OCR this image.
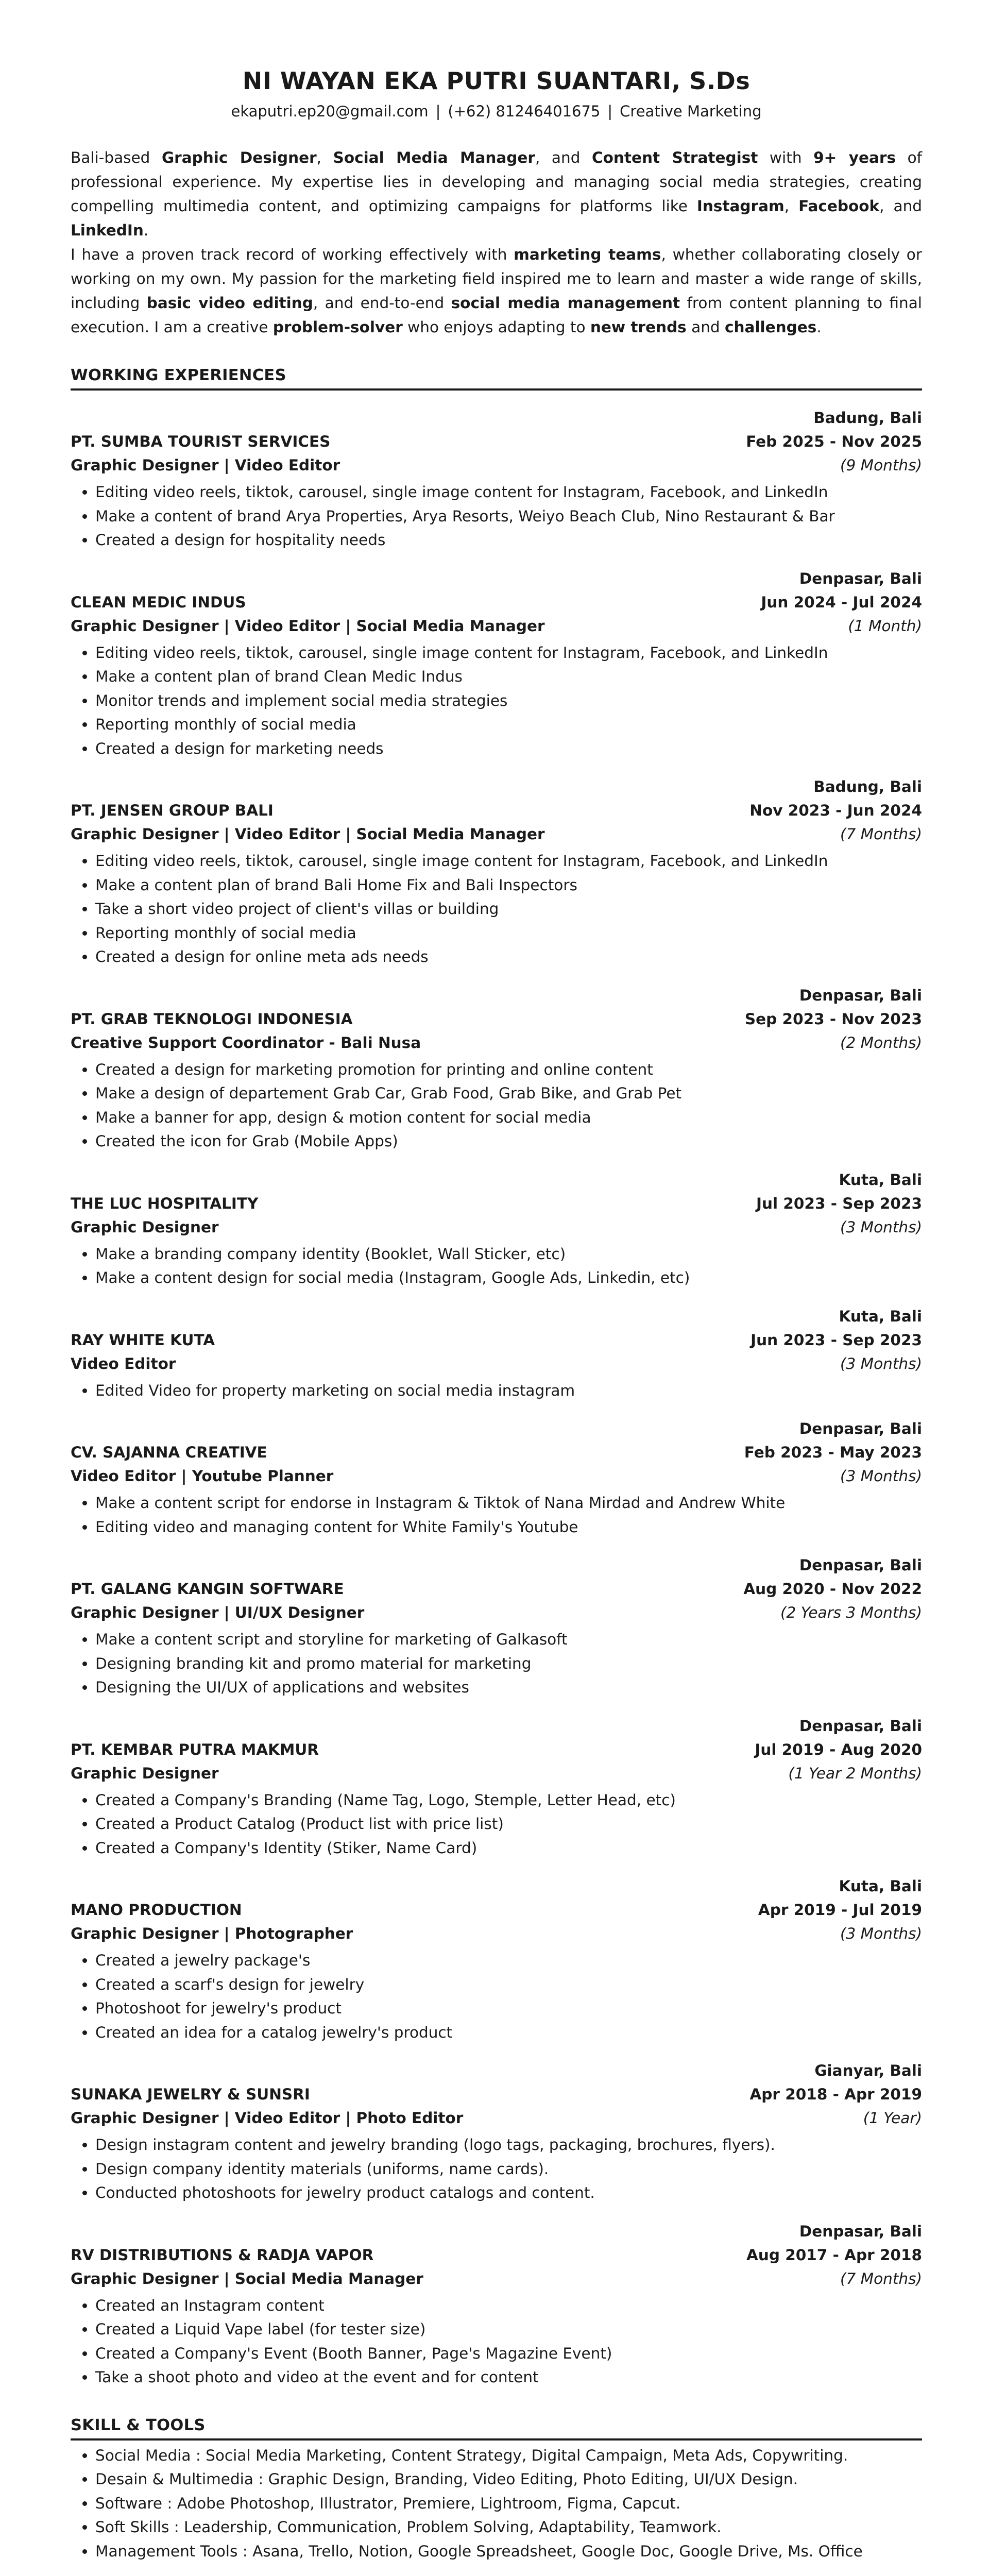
NI WAYAN EKA PUTRI SUANTARI, S.Ds
ekaputri.ep20@gmail.com | (+62) 81246401675 | Creative Marketing

Bali-based Graphic Designer, Social Media Manager, and Content Strategist with 9+ years of professional experience. My expertise lies in developing and managing social media strategies, creating compelling multimedia content, and optimizing campaigns for platforms like Instagram, Facebook, and LinkedIn.

I have a proven track record of working effectively with marketing teams, whether collaborating closely or working on my own. My passion for the marketing field inspired me to learn and master a wide range of skills, including basic video editing, and end-to-end social media management from content planning to final execution. I am a creative problem-solver who enjoys adapting to new trends and challenges.

WORKING EXPERIENCES
Badung, Bali
PT. SUMBA TOURIST SERVICES	Feb 2025 - Nov 2025
Graphic Designer | Video Editor	(9 Months)
• Editing video reels, tiktok, carousel, single image content for Instagram, Facebook, and LinkedIn
• Make a content of brand Arya Properties, Arya Resorts, Weiyo Beach Club, Nino Restaurant & Bar
• Created a design for hospitality needs
Denpasar, Bali
CLEAN MEDIC INDUS	Jun 2024 - Jul 2024
Graphic Designer | Video Editor | Social Media Manager	(1 Month)
• Editing video reels, tiktok, carousel, single image content for Instagram, Facebook, and LinkedIn
• Make a content plan of brand Clean Medic Indus
• Monitor trends and implement social media strategies
• Reporting monthly of social media
• Created a design for marketing needs
Badung, Bali
PT. JENSEN GROUP BALI	Nov 2023 - Jun 2024
Graphic Designer | Video Editor | Social Media Manager	(7 Months)
• Editing video reels, tiktok, carousel, single image content for Instagram, Facebook, and LinkedIn
• Make a content plan of brand Bali Home Fix and Bali Inspectors
• Take a short video project of client's villas or building
• Reporting monthly of social media
• Created a design for online meta ads needs
Denpasar, Bali
PT. GRAB TEKNOLOGI INDONESIA	Sep 2023 - Nov 2023
Creative Support Coordinator - Bali Nusa	(2 Months)
• Created a design for marketing promotion for printing and online content
• Make a design of departement Grab Car, Grab Food, Grab Bike, and Grab Pet
• Make a banner for app, design & motion content for social media
• Created the icon for Grab (Mobile Apps)
Kuta, Bali
THE LUC HOSPITALITY	Jul 2023 - Sep 2023
Graphic Designer	(3 Months)
• Make a branding company identity (Booklet, Wall Sticker, etc)
• Make a content design for social media (Instagram, Google Ads, Linkedin, etc)
Kuta, Bali
RAY WHITE KUTA	Jun 2023 - Sep 2023
Video Editor	(3 Months)
• Edited Video for property marketing on social media instagram
Denpasar, Bali
CV. SAJANNA CREATIVE	Feb 2023 - May 2023
Video Editor | Youtube Planner	(3 Months)
• Make a content script for endorse in Instagram & Tiktok of Nana Mirdad and Andrew White
• Editing video and managing content for White Family's Youtube
Denpasar, Bali
PT. GALANG KANGIN SOFTWARE	Aug 2020 - Nov 2022
Graphic Designer | UI/UX Designer	(2 Years 3 Months)
• Make a content script and storyline for marketing of Galkasoft
• Designing branding kit and promo material for marketing
• Designing the UI/UX of applications and websites
Denpasar, Bali
PT. KEMBAR PUTRA MAKMUR	Jul 2019 - Aug 2020
Graphic Designer	(1 Year 2 Months)
• Created a Company's Branding (Name Tag, Logo, Stemple, Letter Head, etc)
• Created a Product Catalog (Product list with price list)
• Created a Company's Identity (Stiker, Name Card)
Kuta, Bali
MANO PRODUCTION	Apr 2019 - Jul 2019
Graphic Designer | Photographer	(3 Months)
• Created a jewelry package's
• Created a scarf's design for jewelry
• Photoshoot for jewelry's product
• Created an idea for a catalog jewelry's product
Gianyar, Bali
SUNAKA JEWELRY & SUNSRI	Apr 2018 - Apr 2019
Graphic Designer | Video Editor | Photo Editor	(1 Year)
• Design instagram content and jewelry branding (logo tags, packaging, brochures, flyers).
• Design company identity materials (uniforms, name cards).
• Conducted photoshoots for jewelry product catalogs and content.
Denpasar, Bali
RV DISTRIBUTIONS & RADJA VAPOR	Aug 2017 - Apr 2018
Graphic Designer | Social Media Manager	(7 Months)
• Created an Instagram content
• Created a Liquid Vape label (for tester size)
• Created a Company's Event (Booth Banner, Page's Magazine Event)
• Take a shoot photo and video at the event and for content
SKILL & TOOLS
• Social Media : Social Media Marketing, Content Strategy, Digital Campaign, Meta Ads, Copywriting.
• Desain & Multimedia : Graphic Design, Branding, Video Editing, Photo Editing, UI/UX Design.
• Software : Adobe Photoshop, Illustrator, Premiere, Lightroom, Figma, Capcut.
• Soft Skills : Leadership, Communication, Problem Solving, Adaptability, Teamwork.
• Management Tools : Asana, Trello, Notion, Google Spreadsheet, Google Doc, Google Drive, Ms. Office
